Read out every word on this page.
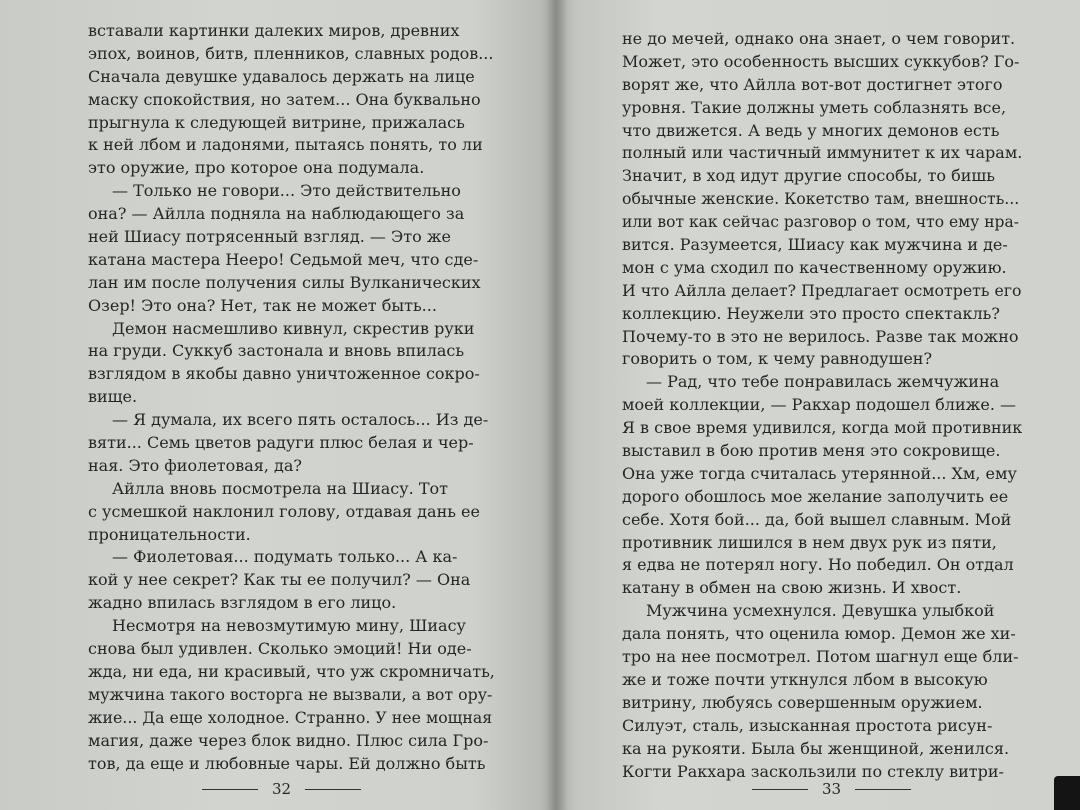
вставали картинки далеких миров, древних
эпох, воинов, битв, пленников, славных родов...
Сначала девушке удавалось держать на лице
маску спокойствия, но затем... Она буквально
прыгнула к следующей витрине, прижалась
к ней лбом и ладонями, пытаясь понять, то ли
это оружие, про которое она подумала.
— Только не говори... Это действительно
она? — Айлла подняла на наблюдающего за
ней Шиасу потрясенный взгляд. — Это же
катана мастера Нееро! Седьмой меч, что сде-
лан им после получения силы Вулканических
Озер! Это она? Нет, так не может быть...
Демон насмешливо кивнул, скрестив руки
на груди. Суккуб застонала и вновь впилась
взглядом в якобы давно уничтоженное сокро-
вище.
— Я думала, их всего пять осталось... Из де-
вяти... Семь цветов радуги плюс белая и чер-
ная. Это фиолетовая, да?
Айлла вновь посмотрела на Шиасу. Тот
с усмешкой наклонил голову, отдавая дань ее
проницательности.
— Фиолетовая... подумать только... А ка-
кой у нее секрет? Как ты ее получил? — Она
жадно впилась взглядом в его лицо.
Несмотря на невозмутимую мину, Шиасу
снова был удивлен. Сколько эмоций! Ни оде-
жда, ни еда, ни красивый, что уж скромничать,
мужчина такого восторга не вызвали, а вот ору-
жие... Да еще холодное. Странно. У нее мощная
магия, даже через блок видно. Плюс сила Гро-
тов, да еще и любовные чары. Ей должно быть
32
не до мечей, однако она знает, о чем говорит.
Может, это особенность высших суккубов? Го-
ворят же, что Айлла вот-вот достигнет этого
уровня. Такие должны уметь соблазнять все,
что движется. А ведь у многих демонов есть
полный или частичный иммунитет к их чарам.
Значит, в ход идут другие способы, то бишь
обычные женские. Кокетство там, внешность...
или вот как сейчас разговор о том, что ему нра-
вится. Разумеется, Шиасу как мужчина и де-
мон с ума сходил по качественному оружию.
И что Айлла делает? Предлагает осмотреть его
коллекцию. Неужели это просто спектакль?
Почему-то в это не верилось. Разве так можно
говорить о том, к чему равнодушен?
— Рад, что тебе понравилась жемчужина
моей коллекции, — Ракхар подошел ближе. —
Я в свое время удивился, когда мой противник
выставил в бою против меня это сокровище.
Она уже тогда считалась утерянной... Хм, ему
дорого обошлось мое желание заполучить ее
себе. Хотя бой... да, бой вышел славным. Мой
противник лишился в нем двух рук из пяти,
я едва не потерял ногу. Но победил. Он отдал
катану в обмен на свою жизнь. И хвост.
Мужчина усмехнулся. Девушка улыбкой
дала понять, что оценила юмор. Демон же хи-
тро на нее посмотрел. Потом шагнул еще бли-
же и тоже почти уткнулся лбом в высокую
витрину, любуясь совершенным оружием.
Силуэт, сталь, изысканная простота рисун-
ка на рукояти. Была бы женщиной, женился.
Когти Ракхара заскользили по стеклу витри-
33
